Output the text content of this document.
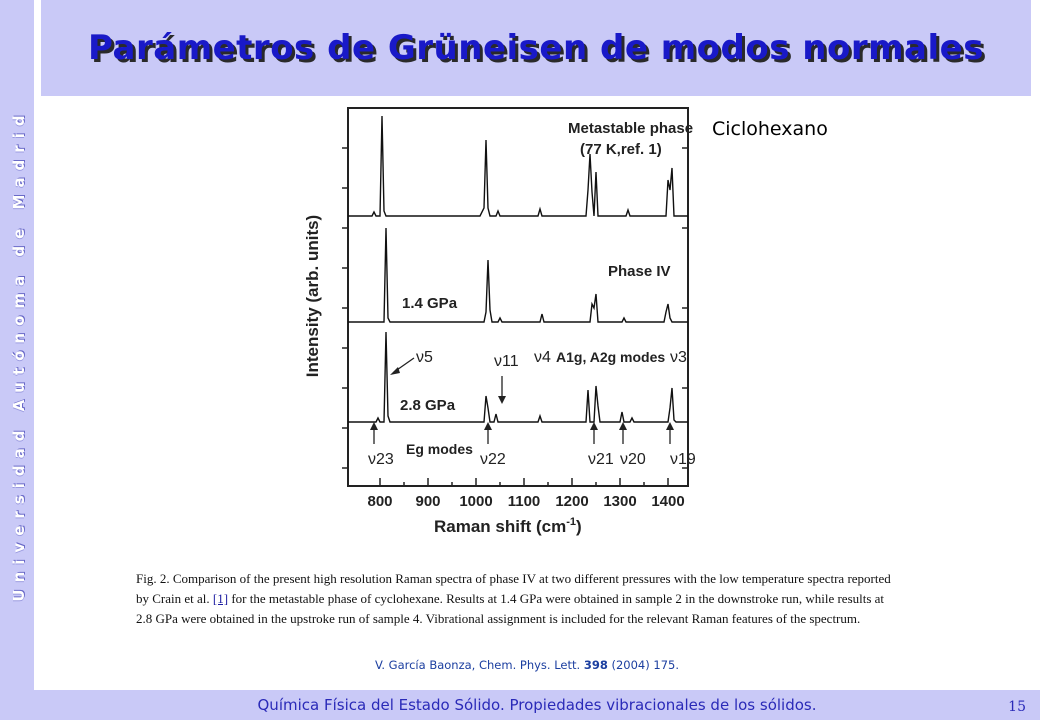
Universidad Autónoma de Madrid
Parámetros de Grüneisen de modos normales
Metastable phase
(77 K,ref. 1)
Phase IV
1.4 GPa
2.8 GPa
Intensity (arb. units)
800 900 1000 1100 1200 1300 1400
Raman shift $(cm^{-1})$
ν5	ν11 ν4 A1g, A2g modes ν3
Eg modes
ν23	ν22	ν21 ν20 ν19
Ciclohexano
Fig. 2. Comparison of the present high resolution Raman spectra of phase IV at two different pressures with the low temperature spectra reported by Crain et al. [1] for the metastable phase of cyclohexane. Results at 1.4 GPa were obtained in sample 2 in the downstroke run, while results at 2.8 GPa were obtained in the upstroke run of sample 4. Vibrational assignment is included for the relevant Raman features of the spectrum.
V. García Baonza, Chem. Phys. Lett. 398 (2004) 175.
Química Física del Estado Sólido. Propiedades vibracionales de los sólidos.	15
